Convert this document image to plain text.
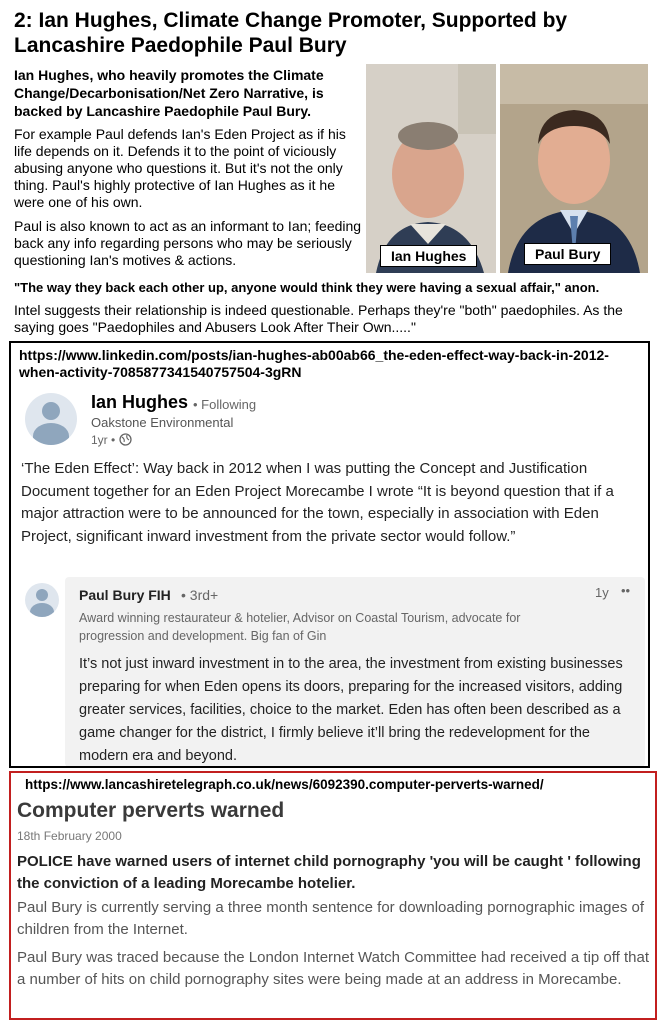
2: Ian Hughes, Climate Change Promoter, Supported by Lancashire Paedophile Paul Bury
Ian Hughes, who heavily promotes the Climate Change/Decarbonisation/Net Zero Narrative, is backed by Lancashire Paedophile Paul Bury.
For example Paul defends Ian's Eden Project as if his life depends on it. Defends it to the point of viciously abusing anyone who questions it. But it's not the only thing. Paul's highly protective of Ian Hughes as it he were one of his own.
Paul is also known to act as an informant to Ian; feeding back any info regarding persons who may be seriously questioning Ian's motives & actions.	Ian Hughes	Paul Bury
"The way they back each other up, anyone would think they were having a sexual affair," anon.
Intel suggests their relationship is indeed questionable. Perhaps they're "both" paedophiles. As the saying goes "Paedophiles and Abusers Look After Their Own....."
https://www.linkedin.com/posts/ian-hughes-ab00ab66_the-eden-effect-way-back-in-2012-when-activity-7085877341540757504-3gRN
Ian Hughes • Following
Oakstone Environmental
1yr •
‘The Eden Effect’: Way back in 2012 when I was putting the Concept and Justification Document together for an Eden Project Morecambe I wrote “It is beyond question that if a major attraction were to be announced for the town, especially in association with Eden Project, significant inward investment from the private sector would follow.”
Paul Bury FIH • 3rd+	1y ••
Award winning restaurateur & hotelier, Advisor on Coastal Tourism, advocate for progression and development. Big fan of Gin
It’s not just inward investment in to the area, the investment from existing businesses preparing for when Eden opens its doors, preparing for the increased visitors, adding greater services, facilities, choice to the market. Eden has often been described as a game changer for the district, I firmly believe it’ll bring the redevelopment for the modern era and beyond.
https://www.lancashiretelegraph.co.uk/news/6092390.computer-perverts-warned/
Computer perverts warned
18th February 2000
POLICE have warned users of internet child pornography 'you will be caught ' following the conviction of a leading Morecambe hotelier.
Paul Bury is currently serving a three month sentence for downloading pornographic images of children from the Internet.
Paul Bury was traced because the London Internet Watch Committee had received a tip off that a number of hits on child pornography sites were being made at an address in Morecambe.
